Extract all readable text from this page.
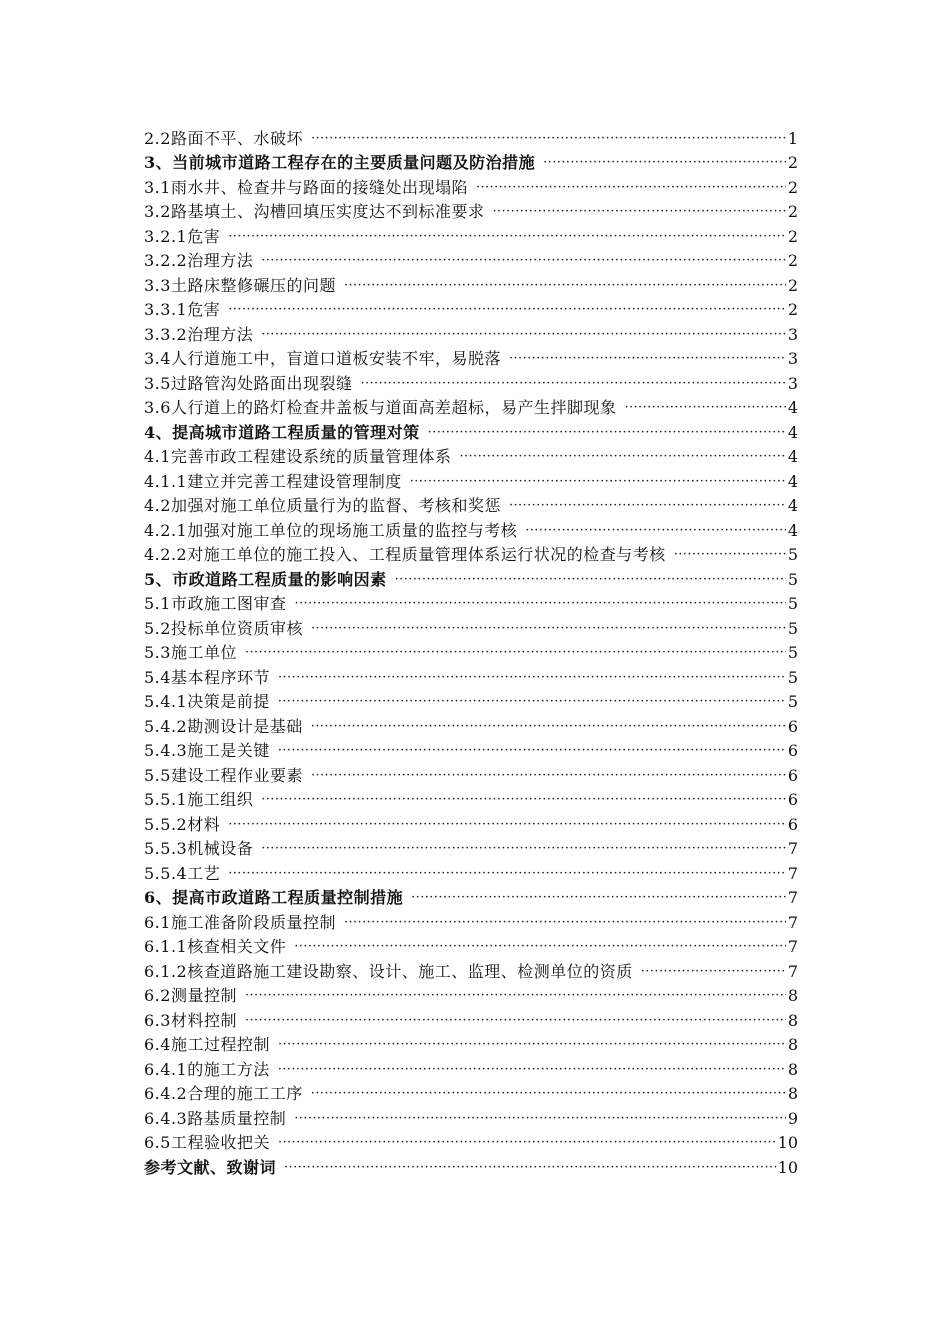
2.2路面不平、水破坏 ·····	1
3、当前城市道路工程存在的主要质量问题及防治措施 ·····	2
3.1雨水井、检查井与路面的接缝处出现塌陷 ·····	2
3.2路基填土、沟槽回填压实度达不到标准要求 ·····	2
3.2.1危害 ·····	2
3.2.2治理方法 ·····	2
3.3土路床整修碾压的问题 ·····	2
3.3.1危害 ·····	2
3.3.2治理方法 ·····	3
3.4人行道施工中，盲道口道板安装不牢，易脱落 ·····	3
3.5过路管沟处路面出现裂缝 ·····	3
3.6人行道上的路灯检查井盖板与道面高差超标，易产生拌脚现象 ·····	4
4、提高城市道路工程质量的管理对策 ·····	4
4.1完善市政工程建设系统的质量管理体系 ·····	4
4.1.1建立并完善工程建设管理制度 ·····	4
4.2加强对施工单位质量行为的监督、考核和奖惩 ·····	4
4.2.1加强对施工单位的现场施工质量的监控与考核 ·····	4
4.2.2对施工单位的施工投入、工程质量管理体系运行状况的检查与考核 ·····	5
5、市政道路工程质量的影响因素 ·····	5
5.1市政施工图审查 ·····	5
5.2投标单位资质审核 ·····	5
5.3施工单位 ·····	5
5.4基本程序环节 ·····	5
5.4.1决策是前提 ·····	5
5.4.2勘测设计是基础 ·····	6
5.4.3施工是关键 ·····	6
5.5建设工程作业要素 ·····	6
5.5.1施工组织 ·····	6
5.5.2材料 ·····	6
5.5.3机械设备 ·····	7
5.5.4工艺 ·····	7
6、提高市政道路工程质量控制措施 ·····	7
6.1施工准备阶段质量控制 ·····	7
6.1.1核查相关文件 ·····	7
6.1.2核查道路施工建设勘察、设计、施工、监理、检测单位的资质 ·····	7
6.2测量控制 ·····	8
6.3材料控制 ·····	8
6.4施工过程控制 ·····	8
6.4.1的施工方法 ·····	8
6.4.2合理的施工工序 ·····	8
6.4.3路基质量控制 ·····	9
6.5工程验收把关 ·····	10
参考文献、致谢词 ·····	10
